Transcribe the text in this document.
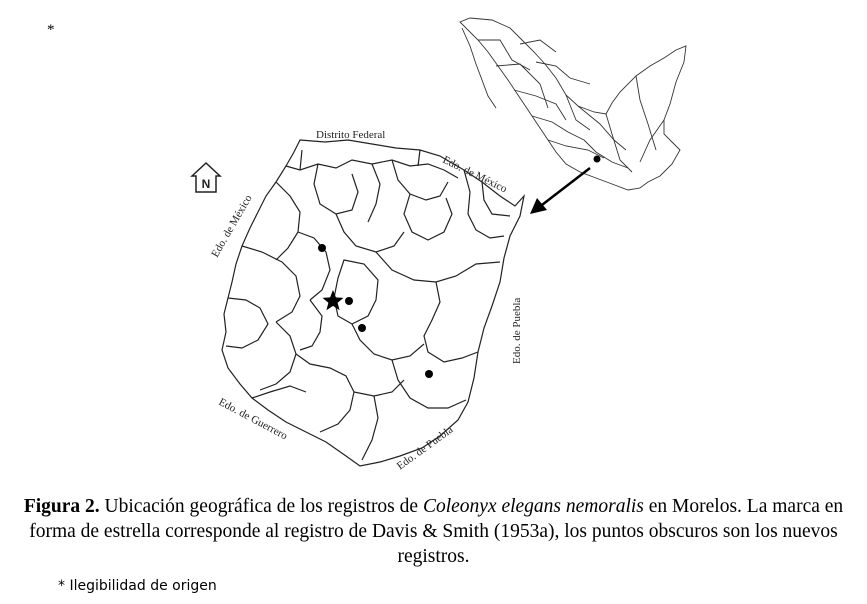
*
N
Distrito Federal
Edo. de México
Edo. de México
Edo. de Puebla
Edo. de Guerrero
Edo. de Puebla
Figura 2. Ubicación geográfica de los registros de Coleonyx elegans nemoralis en Morelos. La marca en forma de estrella corresponde al registro de Davis & Smith (1953a), los puntos obscuros son los nuevos registros.
* Ilegibilidad de origen
